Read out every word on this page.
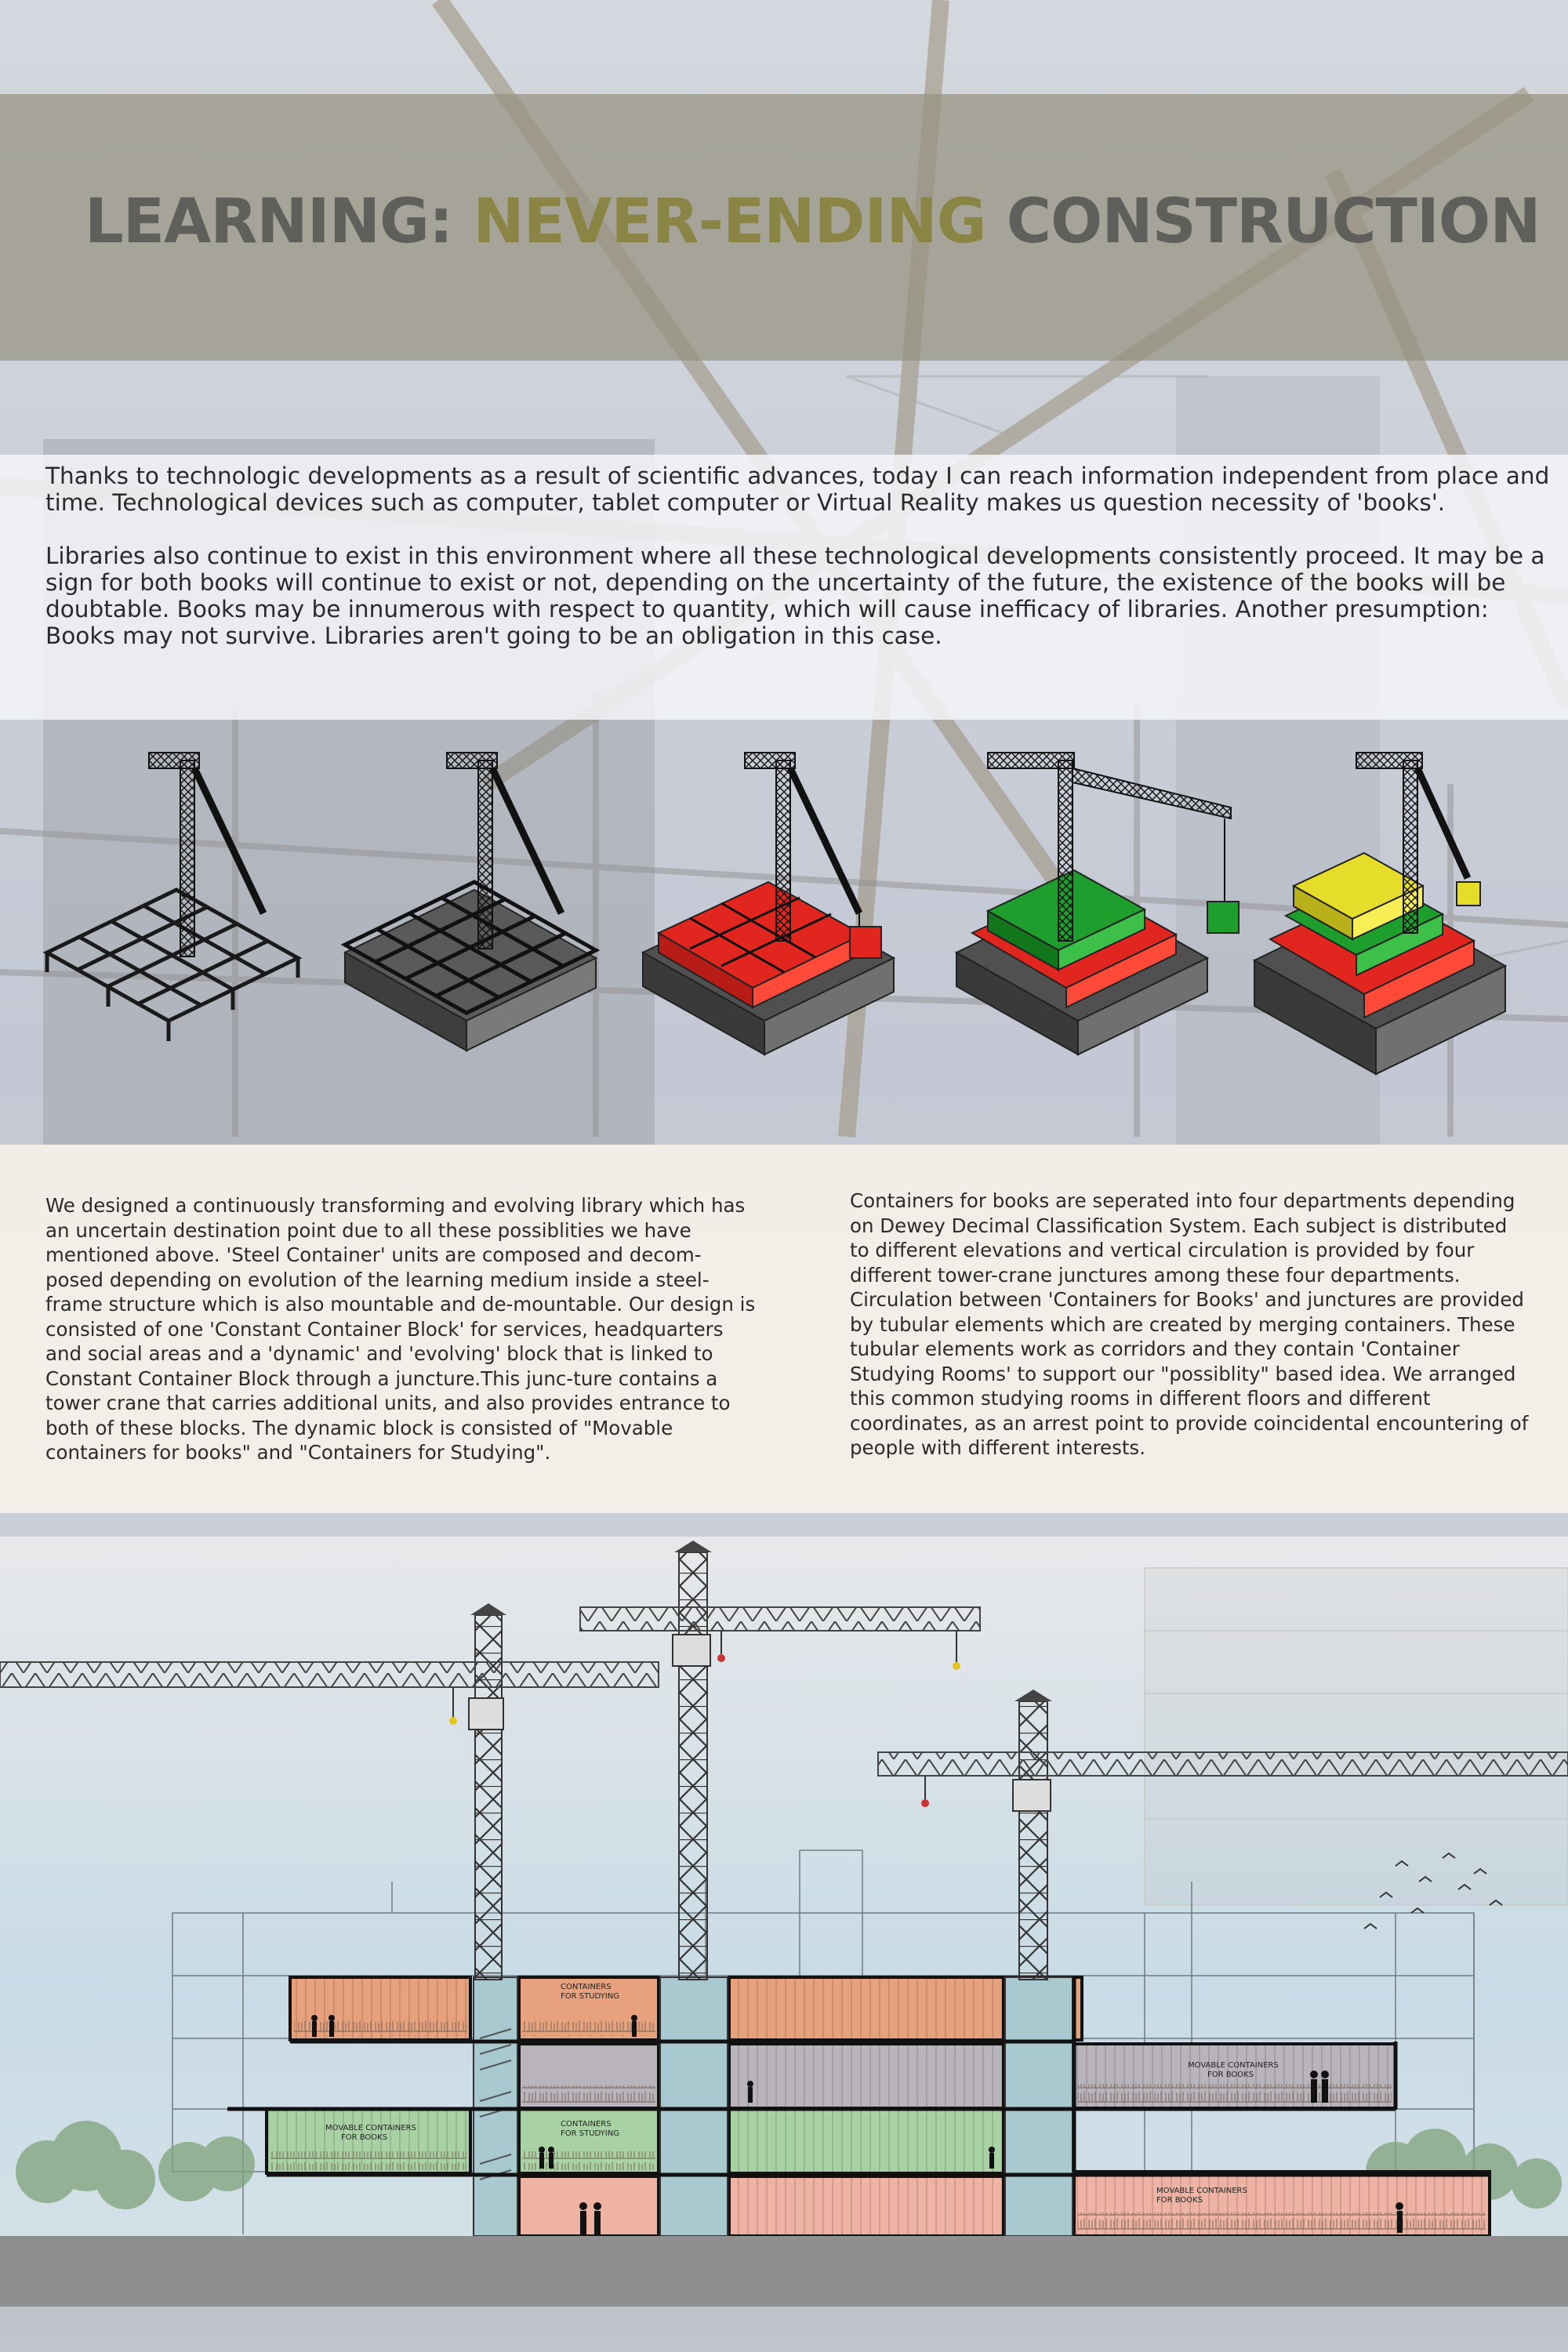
LEARNING: NEVER-ENDING CONSTRUCTION

Thanks to technologic developments as a result of scientific advances, today I can reach information independent from place and time. Technological devices such as computer, tablet computer or Virtual Reality makes us question necessity of 'books'.

Libraries also continue to exist in this environment where all these technological developments consistently proceed. It may be a sign for both books will continue to exist or not, depending on the uncertainty of the future, the existence of the books will be doubtable. Books may be innumerous with respect to quantity, which will cause inefficacy of libraries. Another presumption: Books may not survive. Libraries aren't going to be an obligation in this case.

We designed a continuously transforming and evolving library which has an uncertain destination point due to all these possiblities we have mentioned above. 'Steel Container' units are composed and decom-posed depending on evolution of the learning medium inside a steel-frame structure which is also mountable and de-mountable. Our design is consisted of one 'Constant Container Block' for services, headquarters and social areas and a 'dynamic' and 'evolving' block that is linked to Constant Container Block through a juncture.This junc-ture contains a tower crane that carries additional units, and also provides entrance to both of these blocks. The dynamic block is consisted of "Movable containers for books" and "Containers for Studying".

Containers for books are seperated into four departments depending on Dewey Decimal Classification System. Each subject is distributed to different elevations and vertical circulation is provided by four different tower-crane junctures among these four departments. Circulation between 'Containers for Books' and junctures are provided by tubular elements which are created by merging containers. These tubular elements work as corridors and they contain 'Container Studying Rooms' to support our "possiblity" based idea. We arranged this common studying rooms in different floors and different coordinates, as an arrest point to provide coincidental encountering of people with different interests.

CONTAINERS
FOR STUDYING
MOVABLE CONTAINERS
FOR BOOKS
MOVABLE CONTAINERS
FOR BOOKS
CONTAINERS
FOR STUDYING
MOVABLE CONTAINERS
FOR BOOKS
